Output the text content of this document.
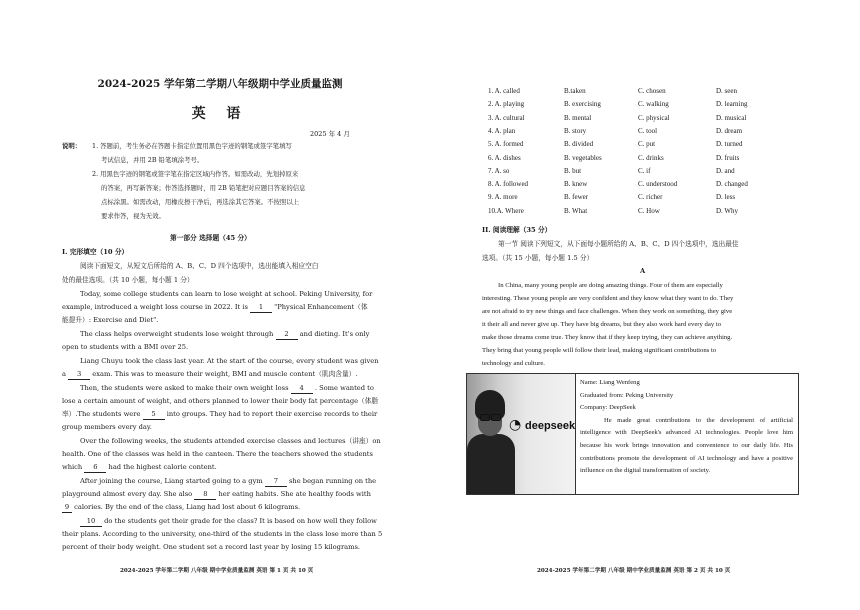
2024-2025 学年第二学期八年级期中学业质量监测
英 语
2025 年 4 月
说明： 1. 答题前，考生务必在答题卡指定位置用黑色字迹的钢笔或签字笔填写
考试信息，并用 2B 铅笔填涂考号。
2. 用黑色字迹的钢笔或签字笔在指定区域内作答。如需改动，先划掉原来
的答案，再写新答案；作答选择题时，用 2B 铅笔把对应题目答案的信息
点标涂黑。如需改动，用橡皮擦干净后，再选涂其它答案。不按照以上
要求作答，视为无效。
第一部分 选择题（45 分）
I. 完形填空（10 分）
阅读下面短文，从短文后所给的 A、B、C、D 四个选项中，选出能填入相应空白
处的最佳选项。（共 10 小题，每小题 1 分）
Today, some college students can learn to lose weight at school. Peking University, for
example, introduced a weight loss course in 2022. It is 1 "Physical Enhancement（体
能提升）: Exercise and Diet".
The class helps overweight students lose weight through 2 and dieting. It's only
open to students with a BMI over 25.
Liang Chuyu took the class last year. At the start of the course, every student was given
a 3 exam. This was to measure their weight, BMI and muscle content（肌肉含量）.
Then, the students were asked to make their own weight loss 4 . Some wanted to
lose a certain amount of weight, and others planned to lower their body fat percentage（体脂
率）.The students were 5 into groups. They had to report their exercise records to their
group members every day.
Over the following weeks, the students attended exercise classes and lectures（讲座）on
health. One of the classes was held in the canteen. There the teachers showed the students
which 6 had the highest calorie content.
After joining the course, Liang started going to a gym 7 she began running on the
playground almost every day. She also 8 her eating habits. She ate healthy foods with
9 calories. By the end of the class, Liang had lost about 6 kilograms.
10 do the students get their grade for the class? It is based on how well they follow
their plans. According to the university, one-third of the students in the class lose more than 5
percent of their body weight. One student set a record last year by losing 15 kilograms.
2024-2025 学年第二学期 八年级 期中学业质量监测 英语 第 1 页 共 10 页
1. A. called	B.taken	C. chosen	D. seen
2. A. playing	B. exercising	C. walking	D. learning
3. A. cultural	B. mental	C. physical	D. musical
4. A. plan	B. story	C. tool	D. dream
5. A. formed	B. divided	C. put	D. turned
6. A. dishes	B. vegetables	C. drinks	D. fruits
7. A. so	B. but	C. if	D. and
8. A. followed	B. knew	C. understood	D. changed
9. A. more	B. fewer	C. richer	D. less
10.A. Where	B. What	C. How	D. Why
II. 阅读理解（35 分）
第一节 阅读下列短文，从下面每小题所给的 A、B、C、D 四个选项中，选出最佳
选项。（共 15 小题，每小题 1.5 分）
A
In China, many young people are doing amazing things. Four of them are especially
interesting. These young people are very confident and they know what they want to do. They
are not afraid to try new things and face challenges. When they work on something, they give
it their all and never give up. They have big dreams, but they also work hard every day to
make those dreams come true. They know that if they keep trying, they can achieve anything.
They bring that young people will follow their lead, making significant contributions to
technology and culture.
◔ deepseek
Name: Liang Wenfeng
Graduated from: Peking University
Company: DeepSeek
He made great contributions to the development of artificial intelligence with DeepSeek's advanced AI technologies. People love him because his work brings innovation and convenience to our daily life. His contributions promote the development of AI technology and have a positive influence on the digital transformation of society.
2024-2025 学年第二学期 八年级 期中学业质量监测 英语 第 2 页 共 10 页
